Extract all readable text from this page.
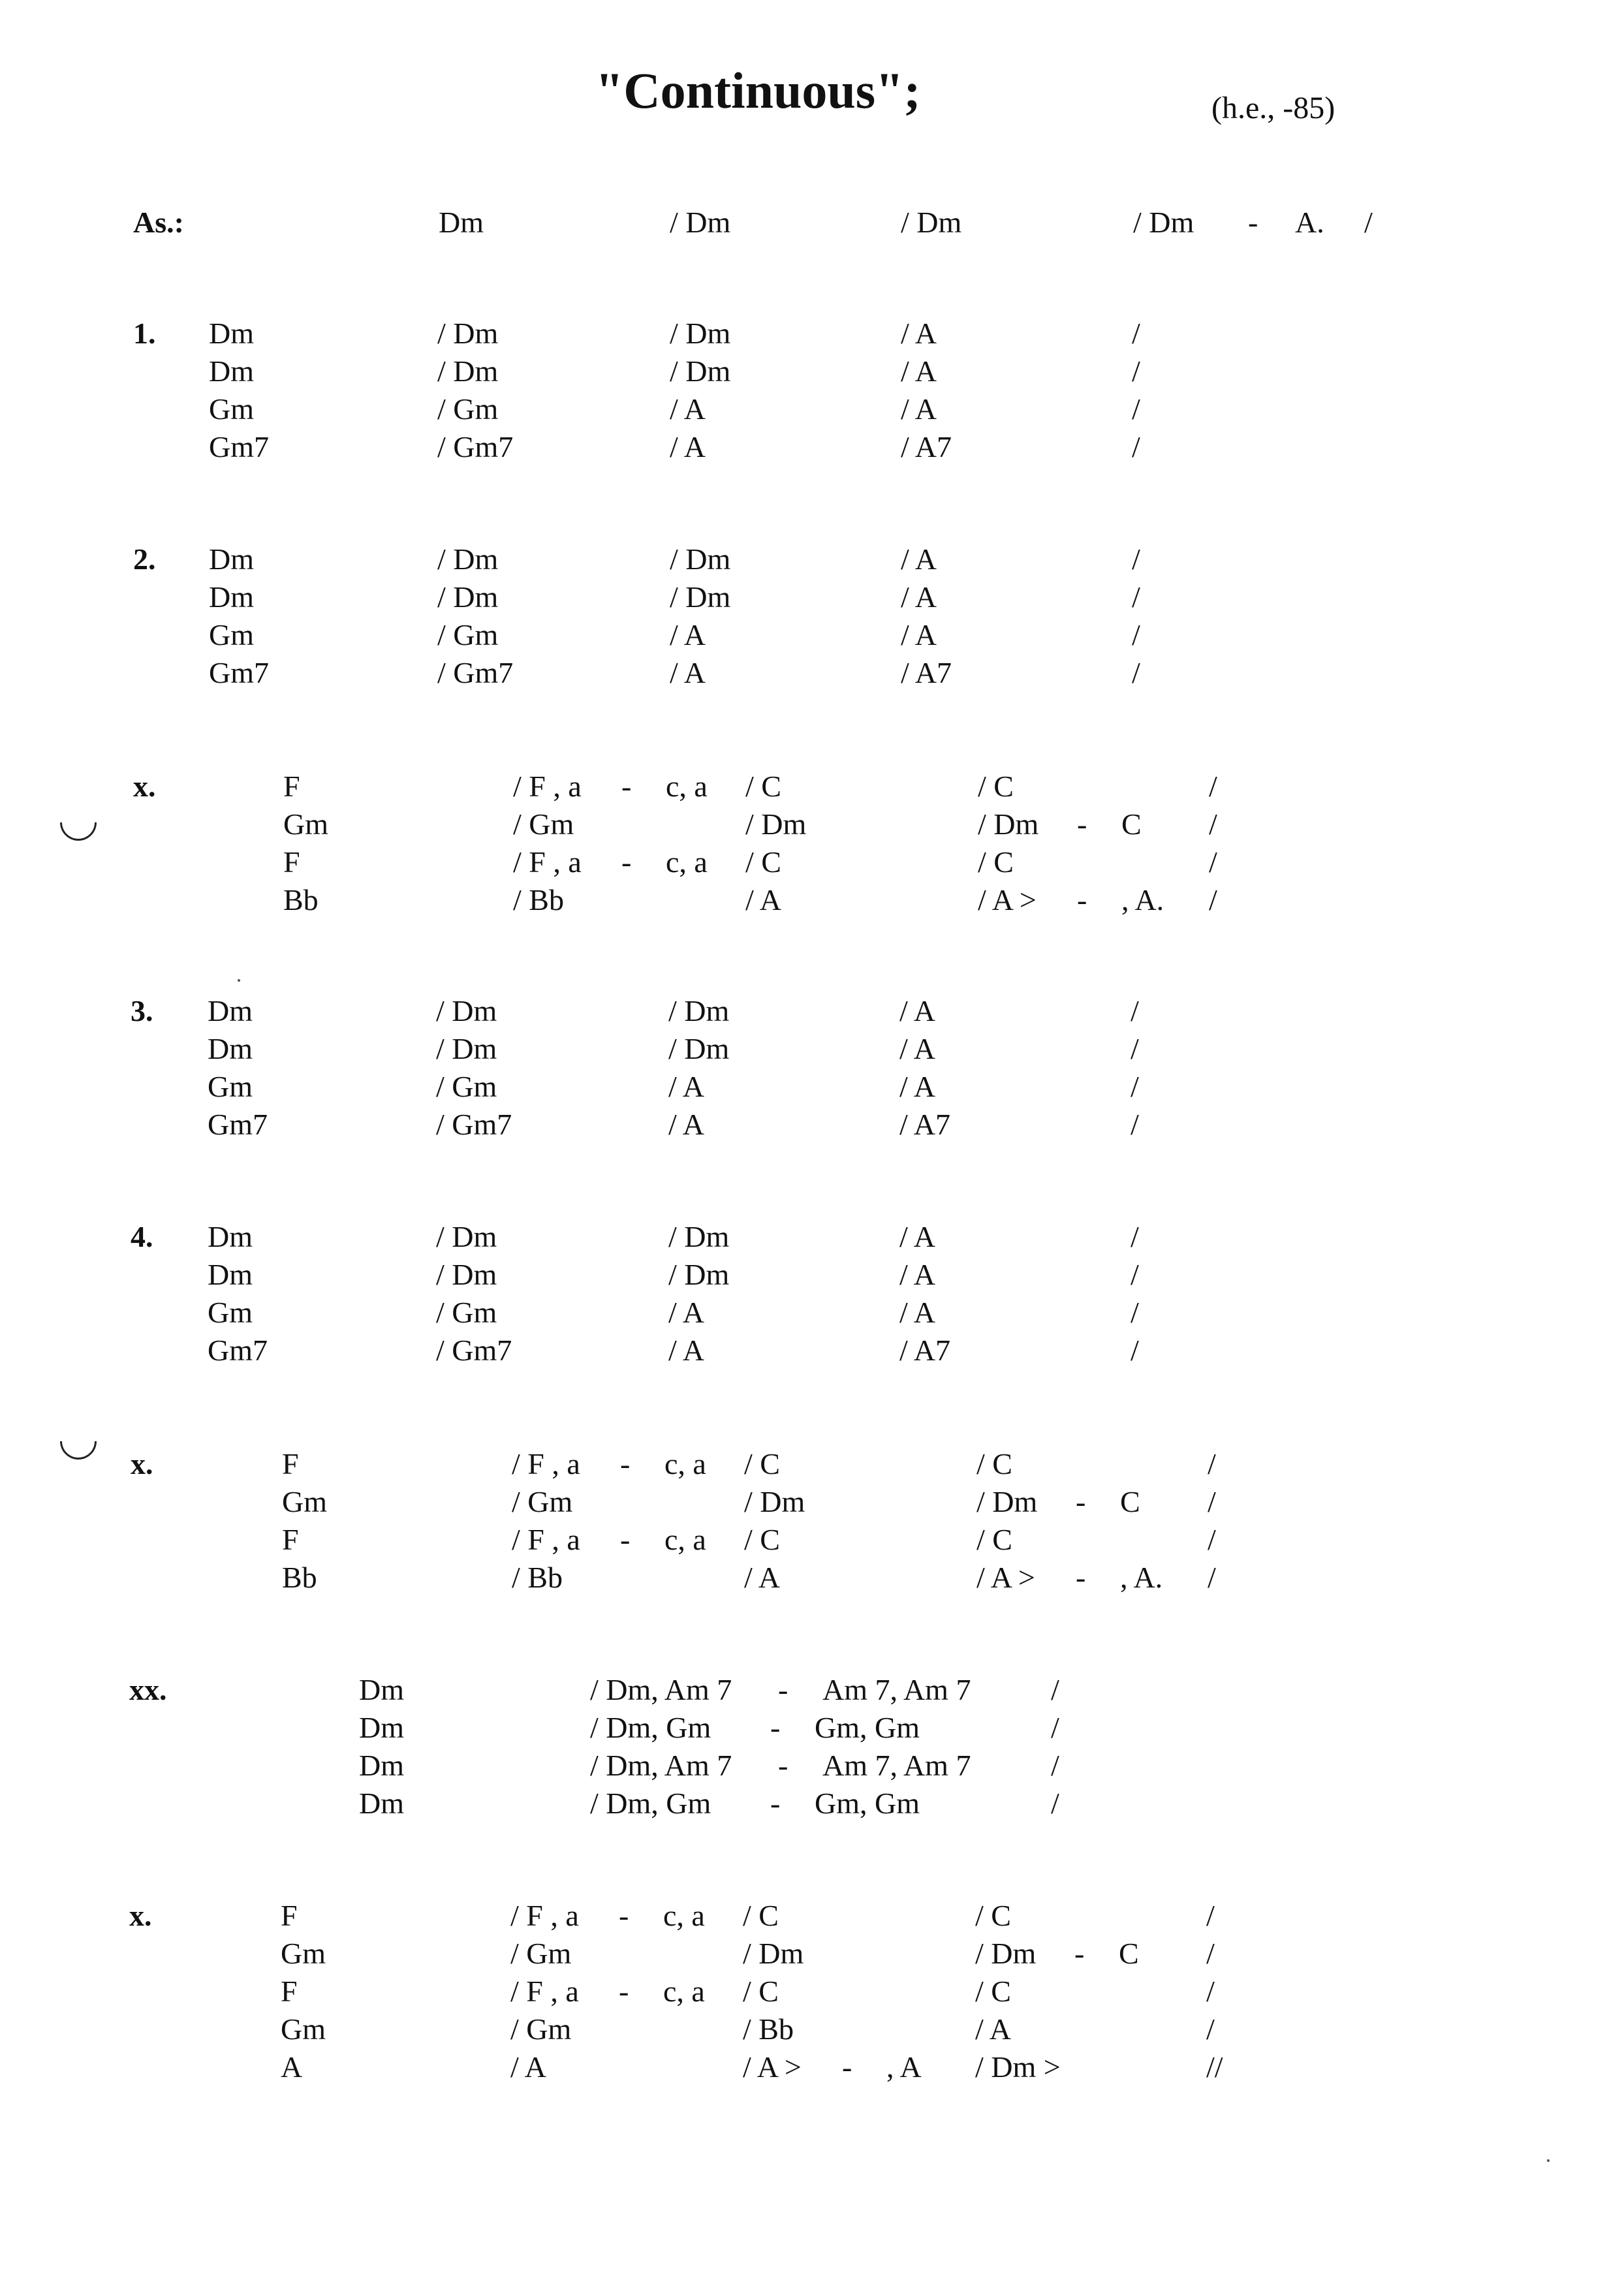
"Continuous";	(h.e., -85)
As.:	Dm	/ Dm	/ Dm	/ Dm - A. /
1. Dm	/ Dm	/ Dm	/ A	/
Dm	/ Dm	/ Dm	/ A	/
Gm	/ Gm	/ A	/ A	/
Gm7	/ Gm7	/ A	/ A7	/
2. Dm	/ Dm	/ Dm	/ A	/
Dm	/ Dm	/ Dm	/ A	/
Gm	/ Gm	/ A	/ A	/
Gm7	/ Gm7	/ A	/ A7	/
x.	F	/ F , a - c, a / C	/ C	/
Gm	/ Gm	/ Dm	/ Dm - C /
F	/ F , a - c, a / C	/ C	/
Bb	/ Bb	/ A	/ A > - , A. /
3. Dm	/ Dm	/ Dm	/ A	/
Dm	/ Dm	/ Dm	/ A	/
Gm	/ Gm	/ A	/ A	/
Gm7	/ Gm7	/ A	/ A7	/
4. Dm	/ Dm	/ Dm	/ A	/
Dm	/ Dm	/ Dm	/ A	/
Gm	/ Gm	/ A	/ A	/
Gm7	/ Gm7	/ A	/ A7	/
x.	F	/ F , a - c, a / C	/ C	/
Gm	/ Gm	/ Dm	/ Dm - C /
F	/ F , a - c, a / C	/ C	/
Bb	/ Bb	/ A	/ A > - , A. /
xx.	Dm	/ Dm, Am 7 - Am 7, Am 7	/
Dm	/ Dm, Gm - Gm, Gm	/
Dm	/ Dm, Am 7 - Am 7, Am 7	/
Dm	/ Dm, Gm - Gm, Gm	/
x.	F	/ F , a - c, a / C	/ C	/
Gm	/ Gm	/ Dm	/ Dm - C /
F	/ F , a - c, a / C	/ C	/
Gm	/ Gm	/ Bb	/ A	/
A	/ A	/ A > - , A / Dm >	//
